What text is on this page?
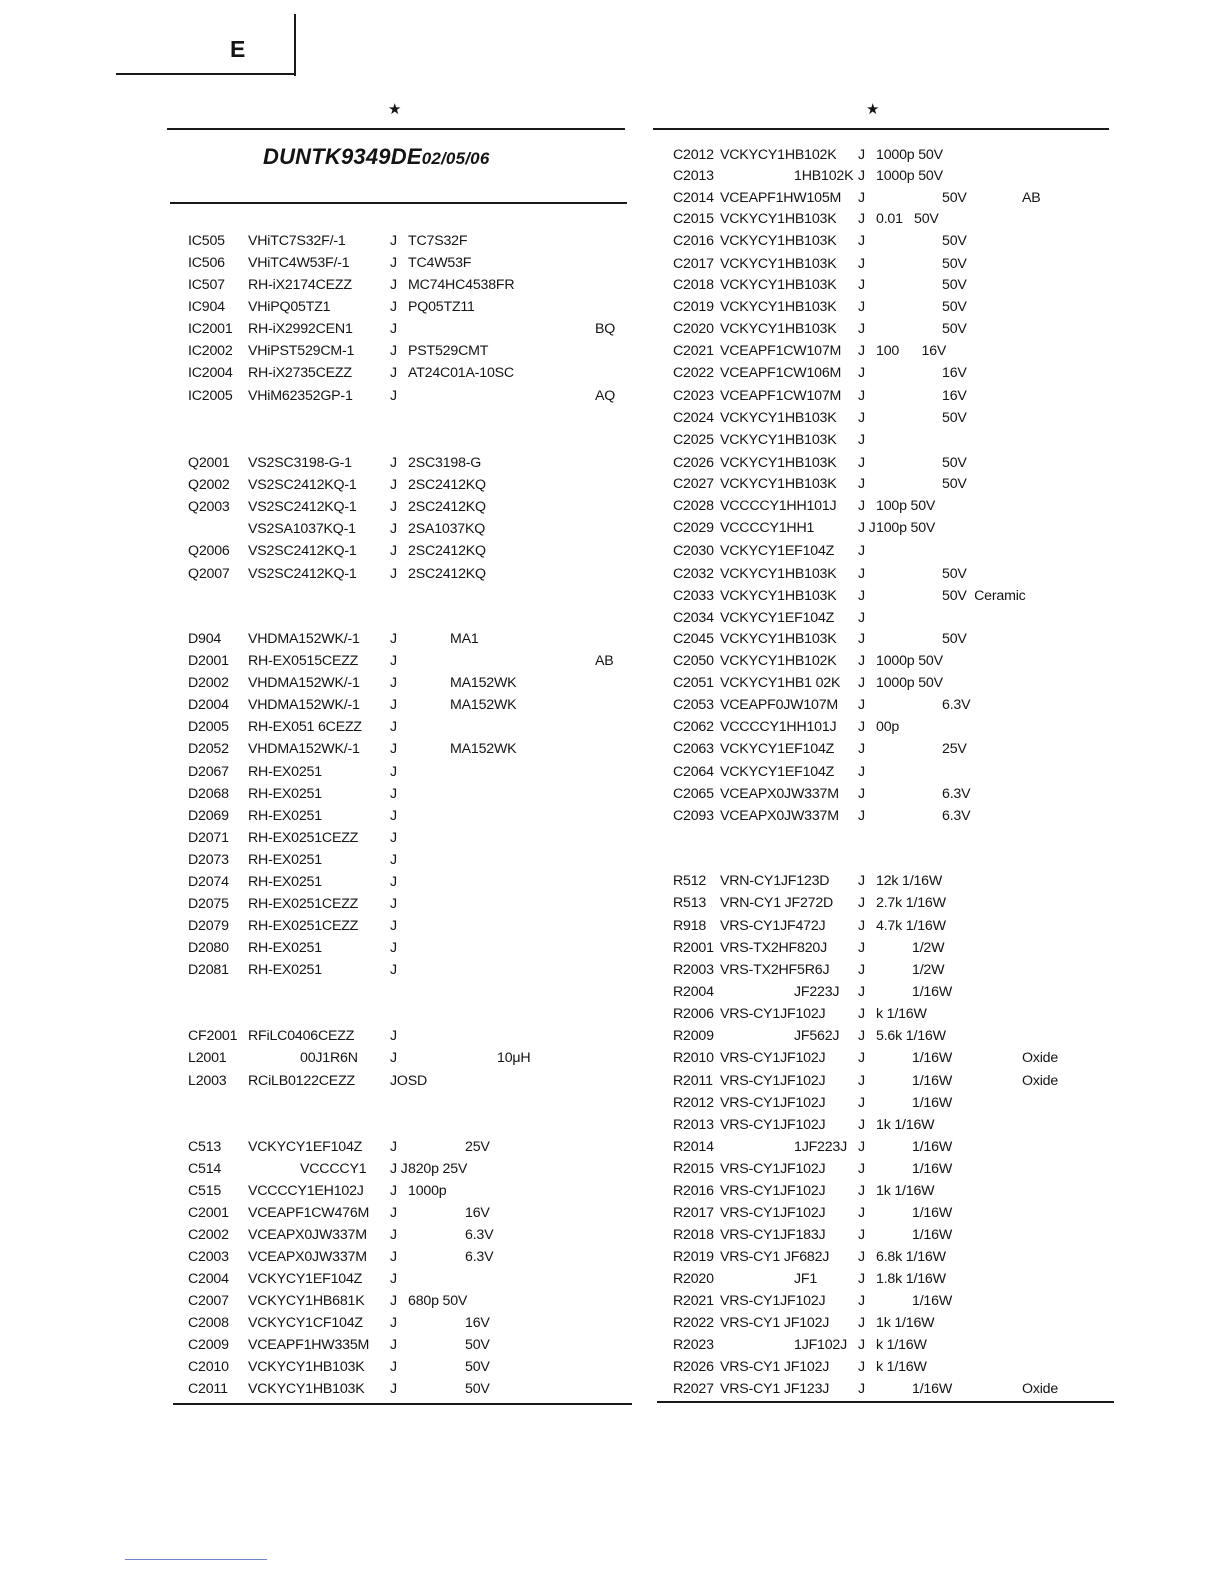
E
★	★
DUNTK9349DE02/05/06
IC505 VHiTC7S32F/-1	J TC7S32F
IC506 VHiTC4W53F/-1	J TC4W53F
IC507 RH-iX2174CEZZ	J MC74HC4538FR
IC904 VHiPQ05TZ1	J PQ05TZ11
IC2001 RH-iX2992CEN1	J	BQ
IC2002 VHiPST529CM-1	J PST529CMT
IC2004 RH-iX2735CEZZ	J AT24C01A-10SC
IC2005 VHiM62352GP-1	J	AQ
Q2001 VS2SC3198-G-1	J 2SC3198-G
Q2002 VS2SC2412KQ-1 J 2SC2412KQ
Q2003 VS2SC2412KQ-1 J 2SC2412KQ
VS2SA1037KQ-1 J 2SA1037KQ
Q2006 VS2SC2412KQ-1 J 2SC2412KQ
Q2007 VS2SC2412KQ-1 J 2SC2412KQ
D904 VHDMA152WK/-1 J	MA1
D2001 RH-EX0515CEZZ J	AB
D2002 VHDMA152WK/-1 J	MA152WK
D2004 VHDMA152WK/-1 J	MA152WK
D2005 RH-EX051 6CEZZ J
D2052 VHDMA152WK/-1 J	MA152WK
D2067 RH-EX0251	J
D2068 RH-EX0251	J
D2069 RH-EX0251	J
D2071 RH-EX0251CEZZ J
D2073 RH-EX0251	J
D2074 RH-EX0251	J
D2075 RH-EX0251CEZZ J
D2079 RH-EX0251CEZZ J
D2080 RH-EX0251	J
D2081 RH-EX0251	J
CF2001 RFiLC0406CEZZ	J
L2001	00J1R6N J	10μH
L2003 RCiLB0122CEZZ JOSD
C513 VCKYCY1EF104Z J	25V
C514	VCCCCY1 J J 820p 25V
C515 VCCCCY1EH102J J 1000p
C2001 VCEAPF1CW476M J	16V
C2002 VCEAPX0JW337M J	6.3V
C2003 VCEAPX0JW337M J	6.3V
C2004 VCKYCY1EF104Z J
C2007 VCKYCY1HB681K J 680p 50V
C2008 VCKYCY1CF104Z J	16V
C2009 VCEAPF1HW335M J	50V
C2010 VCKYCY1HB103K J	50V
C2011 VCKYCY1HB103K J	50V
C2012 VCKYCY1HB102K J 1000p 50V
C2013	1HB102K J 1000p 50V
C2014 VCEAPF1HW105M J	50V	AB
C2015 VCKYCY1HB103K J 0.01   50V
C2016 VCKYCY1HB103K J	50V
C2017 VCKYCY1HB103K J	50V
C2018 VCKYCY1HB103K J	50V
C2019 VCKYCY1HB103K J	50V
C2020 VCKYCY1HB103K J	50V
C2021 VCEAPF1CW107M J 100      16V
C2022 VCEAPF1CW106M J	16V
C2023 VCEAPF1CW107M J	16V
C2024 VCKYCY1HB103K J	50V
C2025 VCKYCY1HB103K J
C2026 VCKYCY1HB103K J	50V
C2027 VCKYCY1HB103K J	50V
C2028 VCCCCY1HH101J J 100p 50V
C2029 VCCCCY1HH1	J J 100p 50V
C2030 VCKYCY1EF104Z J
C2032 VCKYCY1HB103K J	50V
C2033 VCKYCY1HB103K J	50V  Ceramic
C2034 VCKYCY1EF104Z J
C2045 VCKYCY1HB103K J	50V
C2050 VCKYCY1HB102K J 1000p 50V
C2051 VCKYCY1HB1 02K J 1000p 50V
C2053 VCEAPF0JW107M J	6.3V
C2062 VCCCCY1HH101J J 00p
C2063 VCKYCY1EF104Z J	25V
C2064 VCKYCY1EF104Z J
C2065 VCEAPX0JW337M J	6.3V
C2093 VCEAPX0JW337M J	6.3V
R512 VRN-CY1JF123D J 12k 1/16W
R513 VRN-CY1 JF272D J 2.7k 1/16W
R918 VRS-CY1JF472J J 4.7k 1/16W
R2001 VRS-TX2HF820J J	1/2W
R2003 VRS-TX2HF5R6J J	1/2W
R2004	JF223J J	1/16W
R2006 VRS-CY1JF102J J k 1/16W
R2009	JF562J J 5.6k 1/16W
R2010 VRS-CY1JF102J J	1/16W	Oxide
R2011 VRS-CY1JF102J J	1/16W	Oxide
R2012 VRS-CY1JF102J J	1/16W
R2013 VRS-CY1JF102J J 1k 1/16W
R2014	1JF223J J	1/16W
R2015 VRS-CY1JF102J J	1/16W
R2016 VRS-CY1JF102J J 1k 1/16W
R2017 VRS-CY1JF102J J	1/16W
R2018 VRS-CY1JF183J J	1/16W
R2019 VRS-CY1 JF682J J 6.8k 1/16W
R2020	JF1	J 1.8k 1/16W
R2021 VRS-CY1JF102J J	1/16W
R2022 VRS-CY1 JF102J J 1k 1/16W
R2023	1JF102J J k 1/16W
R2026 VRS-CY1 JF102J J k 1/16W
R2027 VRS-CY1 JF123J J	1/16W	Oxide
